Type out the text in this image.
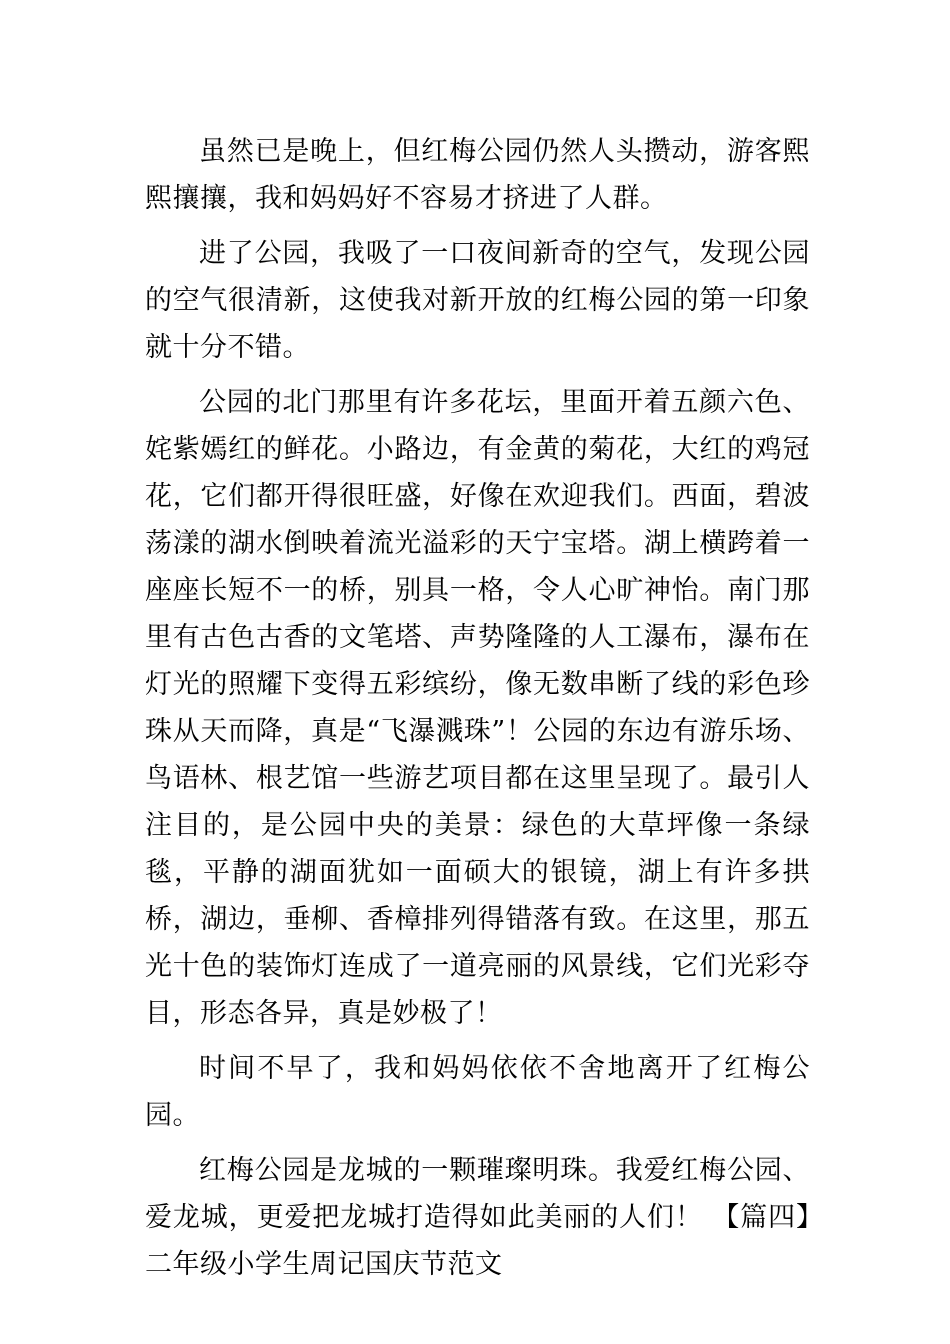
虽然已是晚上，但红梅公园仍然人头攒动，游客熙熙攘攘，我和妈妈好不容易才挤进了人群。

进了公园，我吸了一口夜间新奇的空气，发现公园的空气很清新，这使我对新开放的红梅公园的第一印象就十分不错。

公园的北门那里有许多花坛，里面开着五颜六色、姹紫嫣红的鲜花。小路边，有金黄的菊花，大红的鸡冠花，它们都开得很旺盛，好像在欢迎我们。西面，碧波荡漾的湖水倒映着流光溢彩的天宁宝塔。湖上横跨着一座座长短不一的桥，别具一格，令人心旷神怡。南门那里有古色古香的文笔塔、声势隆隆的人工瀑布，瀑布在灯光的照耀下变得五彩缤纷，像无数串断了线的彩色珍珠从天而降，真是“飞瀑溅珠”！公园的东边有游乐场、鸟语林、根艺馆一些游艺项目都在这里呈现了。最引人注目的，是公园中央的美景：绿色的大草坪像一条绿毯，平静的湖面犹如一面硕大的银镜，湖上有许多拱桥，湖边，垂柳、香樟排列得错落有致。在这里，那五光十色的装饰灯连成了一道亮丽的风景线，它们光彩夺目，形态各异，真是妙极了！

时间不早了，我和妈妈依依不舍地离开了红梅公园。

红梅公园是龙城的一颗璀璨明珠。我爱红梅公园、爱龙城，更爱把龙城打造得如此美丽的人们！ 【篇四】二年级小学生周记国庆节范文
